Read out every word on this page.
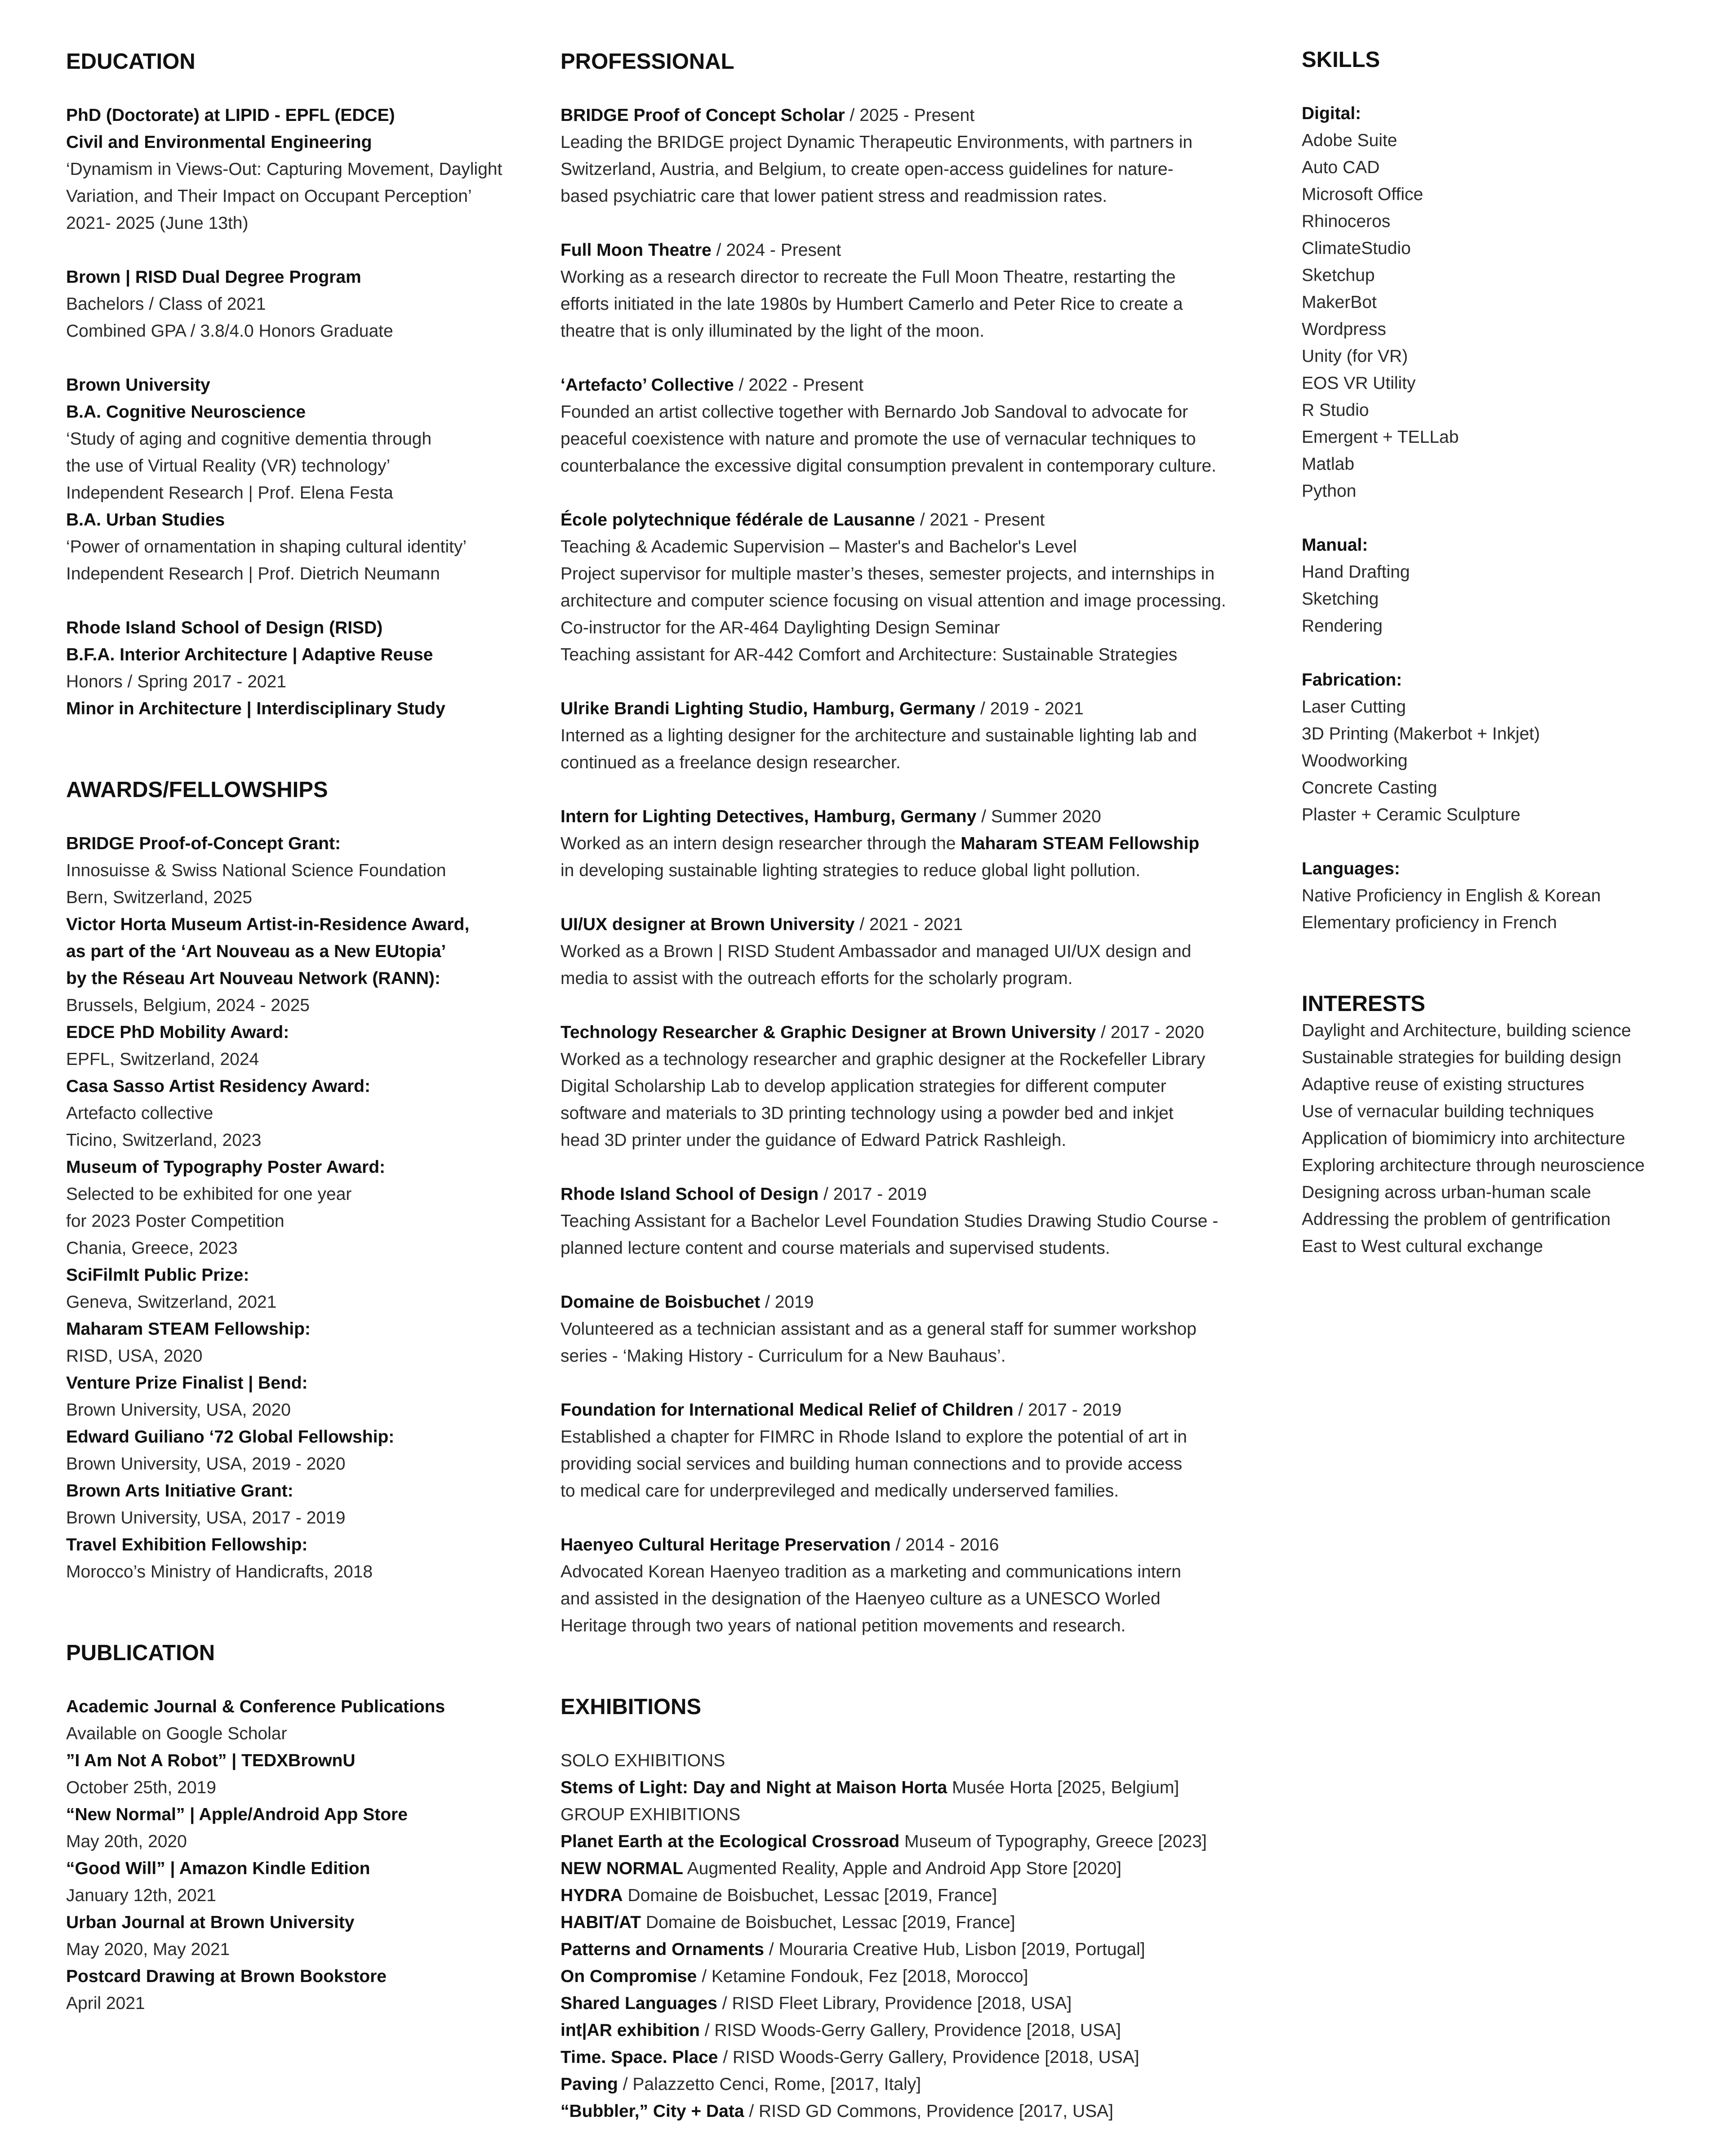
EDUCATION
PhD (Doctorate) at LIPID - EPFL (EDCE)
Civil and Environmental Engineering
‘Dynamism in Views-Out: Capturing Movement, Daylight
Variation, and Their Impact on Occupant Perception’
2021- 2025 (June 13th)
Brown | RISD Dual Degree Program
Bachelors / Class of 2021
Combined GPA / 3.8/4.0 Honors Graduate
Brown University
B.A. Cognitive Neuroscience
‘Study of aging and cognitive dementia through
the use of Virtual Reality (VR) technology’
Independent Research | Prof. Elena Festa
B.A. Urban Studies
‘Power of ornamentation in shaping cultural identity’
Independent Research | Prof. Dietrich Neumann
Rhode Island School of Design (RISD)
B.F.A. Interior Architecture | Adaptive Reuse
Honors / Spring 2017 - 2021
Minor in Architecture | Interdisciplinary Study
AWARDS/FELLOWSHIPS
BRIDGE Proof-of-Concept Grant:
Innosuisse & Swiss National Science Foundation
Bern, Switzerland, 2025
Victor Horta Museum Artist-in-Residence Award,
as part of the ‘Art Nouveau as a New EUtopia’
by the Réseau Art Nouveau Network (RANN):
Brussels, Belgium, 2024 - 2025
EDCE PhD Mobility Award:
EPFL, Switzerland, 2024
Casa Sasso Artist Residency Award:
Artefacto collective
Ticino, Switzerland, 2023
Museum of Typography Poster Award:
Selected to be exhibited for one year
for 2023 Poster Competition
Chania, Greece, 2023
SciFilmIt Public Prize:
Geneva, Switzerland, 2021
Maharam STEAM Fellowship:
RISD, USA, 2020
Venture Prize Finalist | Bend:
Brown University, USA, 2020
Edward Guiliano ‘72 Global Fellowship:
Brown University, USA, 2019 - 2020
Brown Arts Initiative Grant:
Brown University, USA, 2017 - 2019
Travel Exhibition Fellowship:
Morocco’s Ministry of Handicrafts, 2018
PUBLICATION
Academic Journal & Conference Publications
Available on Google Scholar
”I Am Not A Robot” | TEDXBrownU
October 25th, 2019
“New Normal” | Apple/Android App Store
May 20th, 2020
“Good Will” | Amazon Kindle Edition
January 12th, 2021
Urban Journal at Brown University
May 2020, May 2021
Postcard Drawing at Brown Bookstore
April 2021
PROFESSIONAL
BRIDGE Proof of Concept Scholar / 2025 - Present
Leading the BRIDGE project Dynamic Therapeutic Environments, with partners in
Switzerland, Austria, and Belgium, to create open-access guidelines for nature-
based psychiatric care that lower patient stress and readmission rates.
Full Moon Theatre / 2024 - Present
Working as a research director to recreate the Full Moon Theatre, restarting the
efforts initiated in the late 1980s by Humbert Camerlo and Peter Rice to create a
theatre that is only illuminated by the light of the moon.
‘Artefacto’ Collective / 2022 - Present
Founded an artist collective together with Bernardo Job Sandoval to advocate for
peaceful coexistence with nature and promote the use of vernacular techniques to
counterbalance the excessive digital consumption prevalent in contemporary culture.
École polytechnique fédérale de Lausanne / 2021 - Present
Teaching & Academic Supervision – Master's and Bachelor's Level
Project supervisor for multiple master’s theses, semester projects, and internships in
architecture and computer science focusing on visual attention and image processing.
Co-instructor for the AR-464 Daylighting Design Seminar
Teaching assistant for AR-442 Comfort and Architecture: Sustainable Strategies
Ulrike Brandi Lighting Studio, Hamburg, Germany / 2019 - 2021
Interned as a lighting designer for the architecture and sustainable lighting lab and
continued as a freelance design researcher.
Intern for Lighting Detectives, Hamburg, Germany / Summer 2020
Worked as an intern design researcher through the Maharam STEAM Fellowship
in developing sustainable lighting strategies to reduce global light pollution.
UI/UX designer at Brown University / 2021 - 2021
Worked as a Brown | RISD Student Ambassador and managed UI/UX design and
media to assist with the outreach efforts for the scholarly program.
Technology Researcher & Graphic Designer at Brown University / 2017 - 2020
Worked as a technology researcher and graphic designer at the Rockefeller Library
Digital Scholarship Lab to develop application strategies for different computer
software and materials to 3D printing technology using a powder bed and inkjet
head 3D printer under the guidance of Edward Patrick Rashleigh.
Rhode Island School of Design / 2017 - 2019
Teaching Assistant for a Bachelor Level Foundation Studies Drawing Studio Course -
planned lecture content and course materials and supervised students.
Domaine de Boisbuchet / 2019
Volunteered as a technician assistant and as a general staff for summer workshop
series - ‘Making History - Curriculum for a New Bauhaus’.
Foundation for International Medical Relief of Children / 2017 - 2019
Established a chapter for FIMRC in Rhode Island to explore the potential of art in
providing social services and building human connections and to provide access
to medical care for underprevileged and medically underserved families.
Haenyeo Cultural Heritage Preservation / 2014 - 2016
Advocated Korean Haenyeo tradition as a marketing and communications intern
and assisted in the designation of the Haenyeo culture as a UNESCO Worled
Heritage through two years of national petition movements and research.
EXHIBITIONS
SOLO EXHIBITIONS
Stems of Light: Day and Night at Maison Horta Musée Horta [2025, Belgium]
GROUP EXHIBITIONS
Planet Earth at the Ecological Crossroad Museum of Typography, Greece [2023]
NEW NORMAL Augmented Reality, Apple and Android App Store [2020]
HYDRA Domaine de Boisbuchet, Lessac [2019, France]
HABIT/AT Domaine de Boisbuchet, Lessac [2019, France]
Patterns and Ornaments / Mouraria Creative Hub, Lisbon [2019, Portugal]
On Compromise / Ketamine Fondouk, Fez [2018, Morocco]
Shared Languages / RISD Fleet Library, Providence [2018, USA]
int|AR exhibition / RISD Woods-Gerry Gallery, Providence [2018, USA]
Time. Space. Place / RISD Woods-Gerry Gallery, Providence [2018, USA]
Paving / Palazzetto Cenci, Rome, [2017, Italy]
“Bubbler,” City + Data / RISD GD Commons, Providence [2017, USA]
SKILLS
Digital:
Adobe Suite
Auto CAD
Microsoft Office
Rhinoceros
ClimateStudio
Sketchup
MakerBot
Wordpress
Unity (for VR)
EOS VR Utility
R Studio
Emergent + TELLab
Matlab
Python
Manual:
Hand Drafting
Sketching
Rendering
Fabrication:
Laser Cutting
3D Printing (Makerbot + Inkjet)
Woodworking
Concrete Casting
Plaster + Ceramic Sculpture
Languages:
Native Proficiency in English & Korean
Elementary proficiency in French
INTERESTS
Daylight and Architecture, building science
Sustainable strategies for building design
Adaptive reuse of existing structures
Use of vernacular building techniques
Application of biomimicry into architecture
Exploring architecture through neuroscience
Designing across urban-human scale
Addressing the problem of gentrification
East to West cultural exchange
